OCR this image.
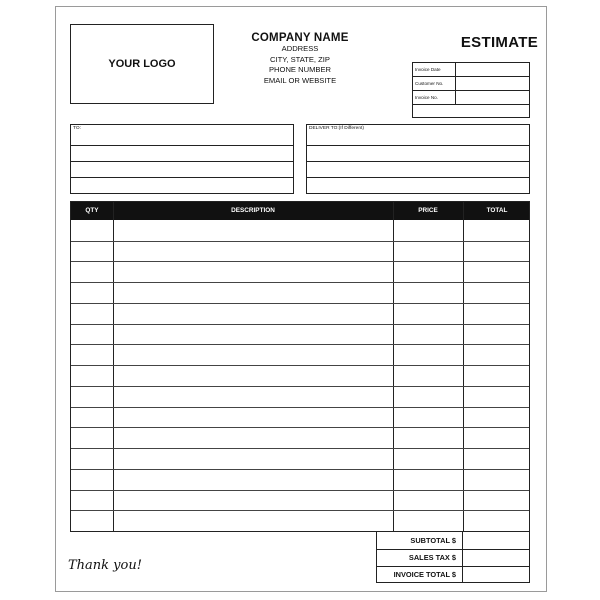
YOUR LOGO
COMPANY NAME
ADDRESS
CITY, STATE, ZIP
PHONE NUMBER
EMAIL OR WEBSITE
ESTIMATE
Invoice Date
Customer No.
Invoice No.
TO:	DELIVER TO:(If Different)
QTY	DESCRIPTION	PRICE	TOTAL
SUBTOTAL $
SALES TAX $
INVOICE TOTAL $
Thank you!
